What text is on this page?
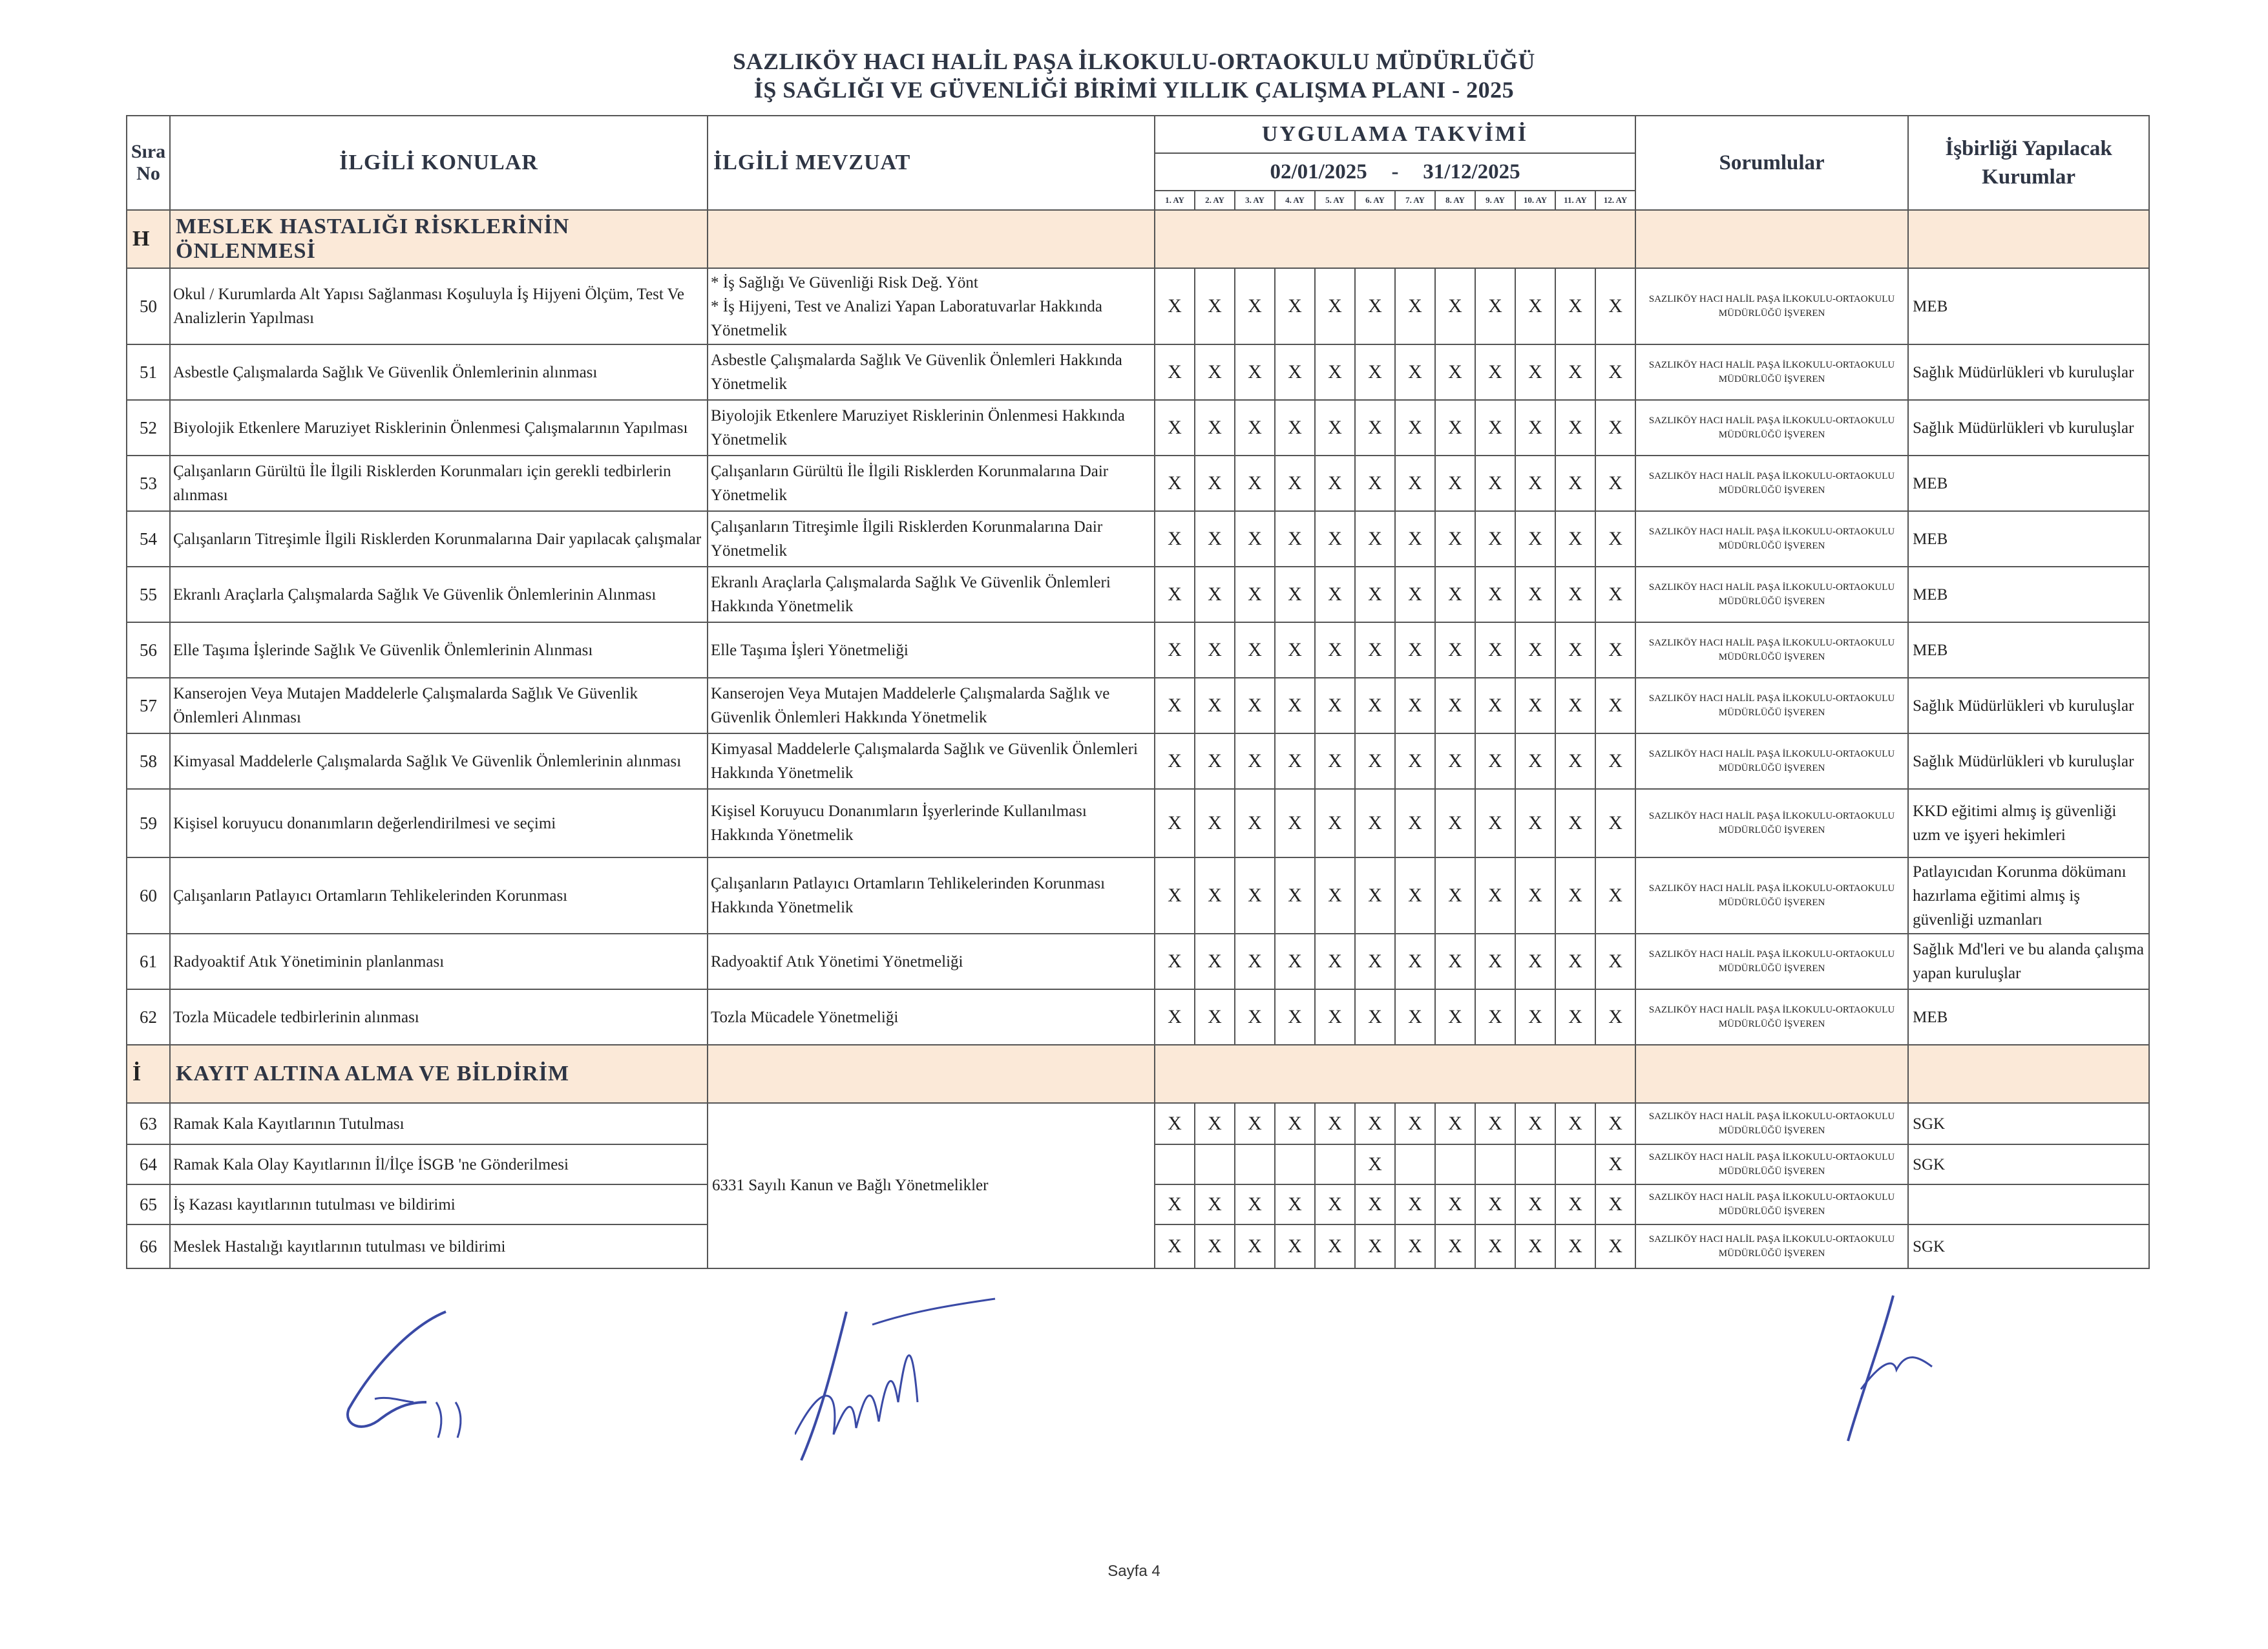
SAZLIKÖY HACI HALİL PAŞA İLKOKULU-ORTAOKULU MÜDÜRLÜĞÜ
İŞ SAĞLIĞI VE GÜVENLİĞİ BİRİMİ YILLIK ÇALIŞMA PLANI - 2025
Sıra No	İLGİLİ KONULAR	İLGİLİ MEVZUAT	UYGULAMA TAKVİMİ												Sorumlular	İşbirliği Yapılacak Kurumlar
			02/01/2025 - 31/12/2025													
			1. AY	2. AY	3. AY	4. AY	5. AY	6. AY	7. AY	8. AY	9. AY	10. AY	11. AY	12. AY		
H	MESLEK HASTALIĞI RİSKLERİNİN ÖNLENMESİ															
50	Okul / Kurumlarda Alt Yapısı Sağlanması Koşuluyla İş Hijyeni Ölçüm, Test Ve Analizlerin Yapılması	* İş Sağlığı Ve Güvenliği Risk Değ. Yönt
* İş Hijyeni, Test ve Analizi Yapan Laboratuvarlar Hakkında Yönetmelik	X	X	X	X	X	X	X	X	X	X	X	X	SAZLIKÖY HACI HALİL PAŞA İLKOKULU-ORTAOKULU MÜDÜRLÜĞÜ İŞVEREN	MEB
51	Asbestle Çalışmalarda Sağlık Ve Güvenlik Önlemlerinin alınması	Asbestle Çalışmalarda Sağlık Ve Güvenlik Önlemleri Hakkında Yönetmelik	X	X	X	X	X	X	X	X	X	X	X	X	SAZLIKÖY HACI HALİL PAŞA İLKOKULU-ORTAOKULU MÜDÜRLÜĞÜ İŞVEREN	Sağlık Müdürlükleri vb kuruluşlar
52	Biyolojik Etkenlere Maruziyet Risklerinin Önlenmesi Çalışmalarının Yapılması	Biyolojik Etkenlere Maruziyet Risklerinin Önlenmesi Hakkında Yönetmelik	X	X	X	X	X	X	X	X	X	X	X	X	SAZLIKÖY HACI HALİL PAŞA İLKOKULU-ORTAOKULU MÜDÜRLÜĞÜ İŞVEREN	Sağlık Müdürlükleri vb kuruluşlar
53	Çalışanların Gürültü İle İlgili Risklerden Korunmaları için gerekli tedbirlerin alınması	Çalışanların Gürültü İle İlgili Risklerden Korunmalarına Dair Yönetmelik	X	X	X	X	X	X	X	X	X	X	X	X	SAZLIKÖY HACI HALİL PAŞA İLKOKULU-ORTAOKULU MÜDÜRLÜĞÜ İŞVEREN	MEB
54	Çalışanların Titreşimle İlgili Risklerden Korunmalarına Dair yapılacak çalışmalar	Çalışanların Titreşimle İlgili Risklerden Korunmalarına Dair Yönetmelik	X	X	X	X	X	X	X	X	X	X	X	X	SAZLIKÖY HACI HALİL PAŞA İLKOKULU-ORTAOKULU MÜDÜRLÜĞÜ İŞVEREN	MEB
55	Ekranlı Araçlarla Çalışmalarda Sağlık Ve Güvenlik Önlemlerinin Alınması	Ekranlı Araçlarla Çalışmalarda Sağlık Ve Güvenlik Önlemleri Hakkında Yönetmelik	X	X	X	X	X	X	X	X	X	X	X	X	SAZLIKÖY HACI HALİL PAŞA İLKOKULU-ORTAOKULU MÜDÜRLÜĞÜ İŞVEREN	MEB
56	Elle Taşıma İşlerinde Sağlık Ve Güvenlik Önlemlerinin Alınması	Elle Taşıma İşleri Yönetmeliği	X	X	X	X	X	X	X	X	X	X	X	X	SAZLIKÖY HACI HALİL PAŞA İLKOKULU-ORTAOKULU MÜDÜRLÜĞÜ İŞVEREN	MEB
57	Kanserojen Veya Mutajen Maddelerle Çalışmalarda Sağlık Ve Güvenlik Önlemleri Alınması	Kanserojen Veya Mutajen Maddelerle Çalışmalarda Sağlık ve Güvenlik Önlemleri Hakkında Yönetmelik	X	X	X	X	X	X	X	X	X	X	X	X	SAZLIKÖY HACI HALİL PAŞA İLKOKULU-ORTAOKULU MÜDÜRLÜĞÜ İŞVEREN	Sağlık Müdürlükleri vb kuruluşlar
58	Kimyasal Maddelerle Çalışmalarda Sağlık Ve Güvenlik Önlemlerinin alınması	Kimyasal Maddelerle Çalışmalarda Sağlık ve Güvenlik Önlemleri Hakkında Yönetmelik	X	X	X	X	X	X	X	X	X	X	X	X	SAZLIKÖY HACI HALİL PAŞA İLKOKULU-ORTAOKULU MÜDÜRLÜĞÜ İŞVEREN	Sağlık Müdürlükleri vb kuruluşlar
59	Kişisel koruyucu donanımların değerlendirilmesi ve seçimi	Kişisel Koruyucu Donanımların İşyerlerinde Kullanılması Hakkında Yönetmelik	X	X	X	X	X	X	X	X	X	X	X	X	SAZLIKÖY HACI HALİL PAŞA İLKOKULU-ORTAOKULU MÜDÜRLÜĞÜ İŞVEREN	KKD eğitimi almış iş güvenliği uzm ve işyeri hekimleri
60	Çalışanların Patlayıcı Ortamların Tehlikelerinden Korunması	Çalışanların Patlayıcı Ortamların Tehlikelerinden Korunması Hakkında Yönetmelik	X	X	X	X	X	X	X	X	X	X	X	X	SAZLIKÖY HACI HALİL PAŞA İLKOKULU-ORTAOKULU MÜDÜRLÜĞÜ İŞVEREN	Patlayıcıdan Korunma dökümanı hazırlama eğitimi almış iş güvenliği uzmanları
61	Radyoaktif Atık Yönetiminin planlanması	Radyoaktif Atık Yönetimi Yönetmeliği	X	X	X	X	X	X	X	X	X	X	X	X	SAZLIKÖY HACI HALİL PAŞA İLKOKULU-ORTAOKULU MÜDÜRLÜĞÜ İŞVEREN	Sağlık Md'leri ve bu alanda çalışma yapan kuruluşlar
62	Tozla Mücadele tedbirlerinin alınması	Tozla Mücadele Yönetmeliği	X	X	X	X	X	X	X	X	X	X	X	X	SAZLIKÖY HACI HALİL PAŞA İLKOKULU-ORTAOKULU MÜDÜRLÜĞÜ İŞVEREN	MEB
İ	KAYIT ALTINA ALMA VE BİLDİRİM															
63	Ramak Kala Kayıtlarının Tutulması	6331 Sayılı Kanun ve Bağlı Yönetmelikler	X	X	X	X	X	X	X	X	X	X	X	X	SAZLIKÖY HACI HALİL PAŞA İLKOKULU-ORTAOKULU MÜDÜRLÜĞÜ İŞVEREN	SGK
64	Ramak Kala Olay Kayıtlarının İl/İlçe İSGB 'ne Gönderilmesi							X						X	SAZLIKÖY HACI HALİL PAŞA İLKOKULU-ORTAOKULU MÜDÜRLÜĞÜ İŞVEREN	SGK
65	İş Kazası kayıtlarının tutulması ve bildirimi		X	X	X	X	X	X	X	X	X	X	X	X	SAZLIKÖY HACI HALİL PAŞA İLKOKULU-ORTAOKULU MÜDÜRLÜĞÜ İŞVEREN	
66	Meslek Hastalığı kayıtlarının tutulması ve bildirimi		X	X	X	X	X	X	X	X	X	X	X	X	SAZLIKÖY HACI HALİL PAŞA İLKOKULU-ORTAOKULU MÜDÜRLÜĞÜ İŞVEREN	SGK
Sayfa 4
